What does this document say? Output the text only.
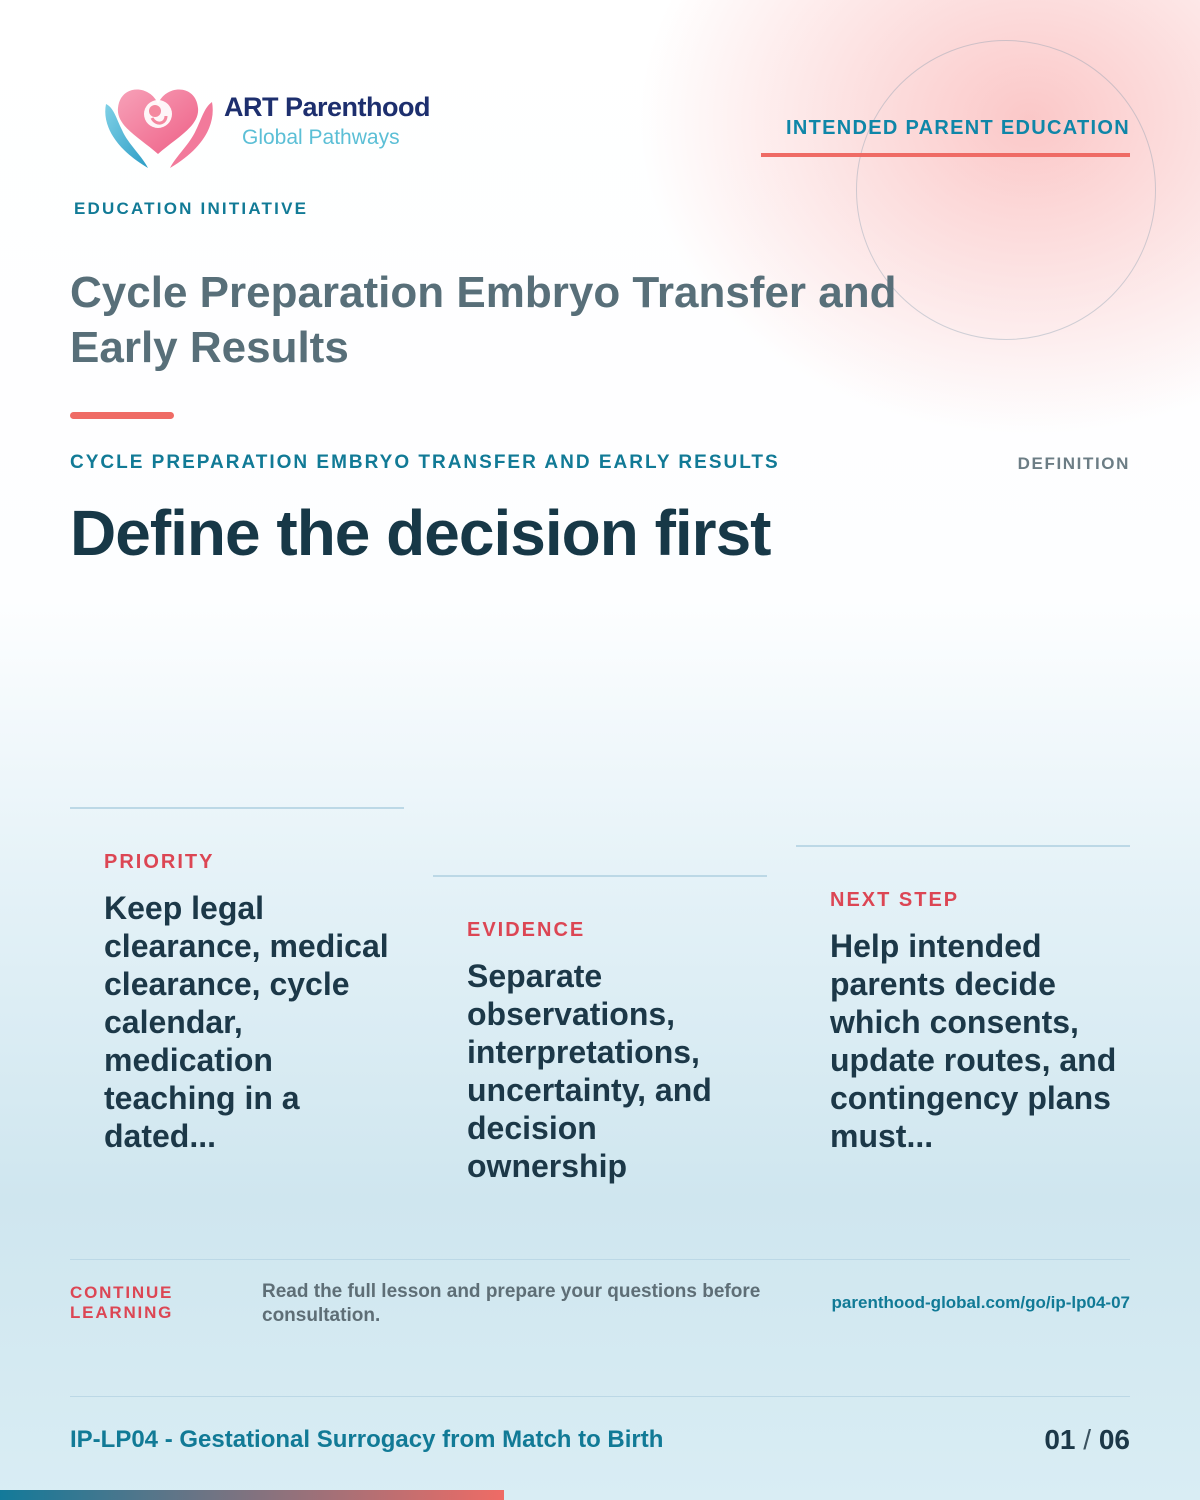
ART Parenthood
Global Pathways
EDUCATION INITIATIVE
INTENDED PARENT EDUCATION
Cycle Preparation Embryo Transfer and Early Results
CYCLE PREPARATION EMBRYO TRANSFER AND EARLY RESULTS	DEFINITION
Define the decision first
PRIORITY

Keep legal clearance, medical clearance, cycle calendar, medication teaching in a dated...

EVIDENCE

Separate observations, interpretations, uncertainty, and decision ownership

NEXT STEP

Help intended parents decide which consents, update routes, and contingency plans must...

CONTINUE LEARNING
Read the full lesson and prepare your questions before consultation.
parenthood-global.com/go/ip-lp04-07
IP-LP04 - Gestational Surrogacy from Match to Birth	01 / 06
